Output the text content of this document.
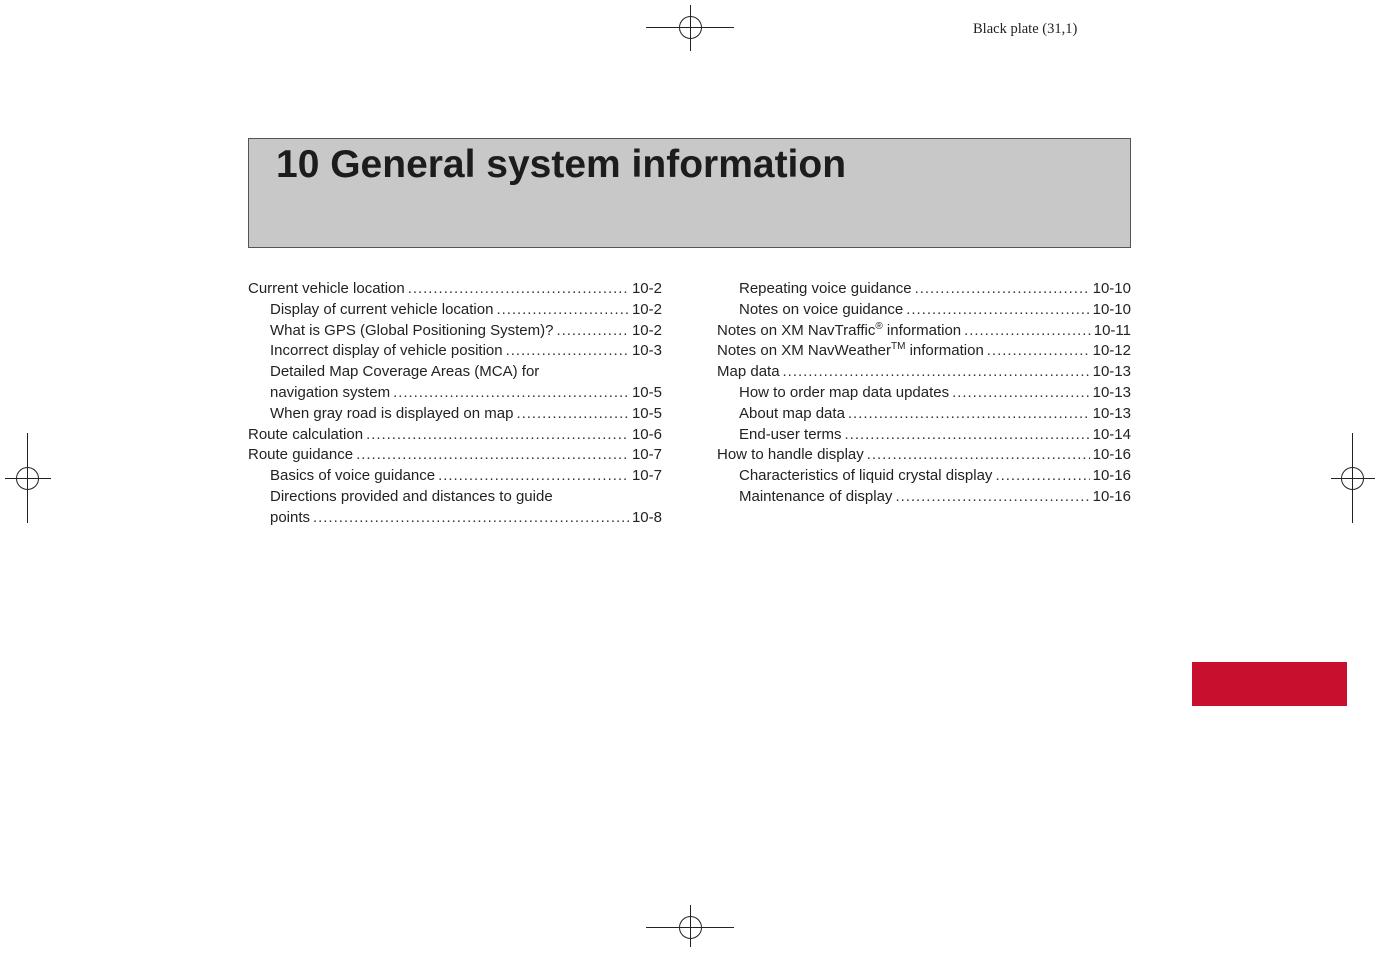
Black plate (31,1)
10 General system information
Current vehicle location . . .	10-2
Display of current vehicle location . . .	10-2
What is GPS (Global Positioning System)? . . .	10-2
Incorrect display of vehicle position . . .	10-3
Detailed Map Coverage Areas (MCA) for
navigation system . . .	10-5
When gray road is displayed on map . . .	10-5
Route calculation . . .	10-6
Route guidance . . .	10-7
Basics of voice guidance . . .	10-7
Directions provided and distances to guide
points . . .	10-8
Repeating voice guidance . . .	10-10
Notes on voice guidance . . .	10-10
Notes on XM NavTraffic® information . . .	10-11
Notes on XM NavWeather™ information . . .	10-12
Map data . . .	10-13
How to order map data updates . . .	10-13
About map data . . .	10-13
End-user terms . . .	10-14
How to handle display . . .	10-16
Characteristics of liquid crystal display . . .	10-16
Maintenance of display . . .	10-16
